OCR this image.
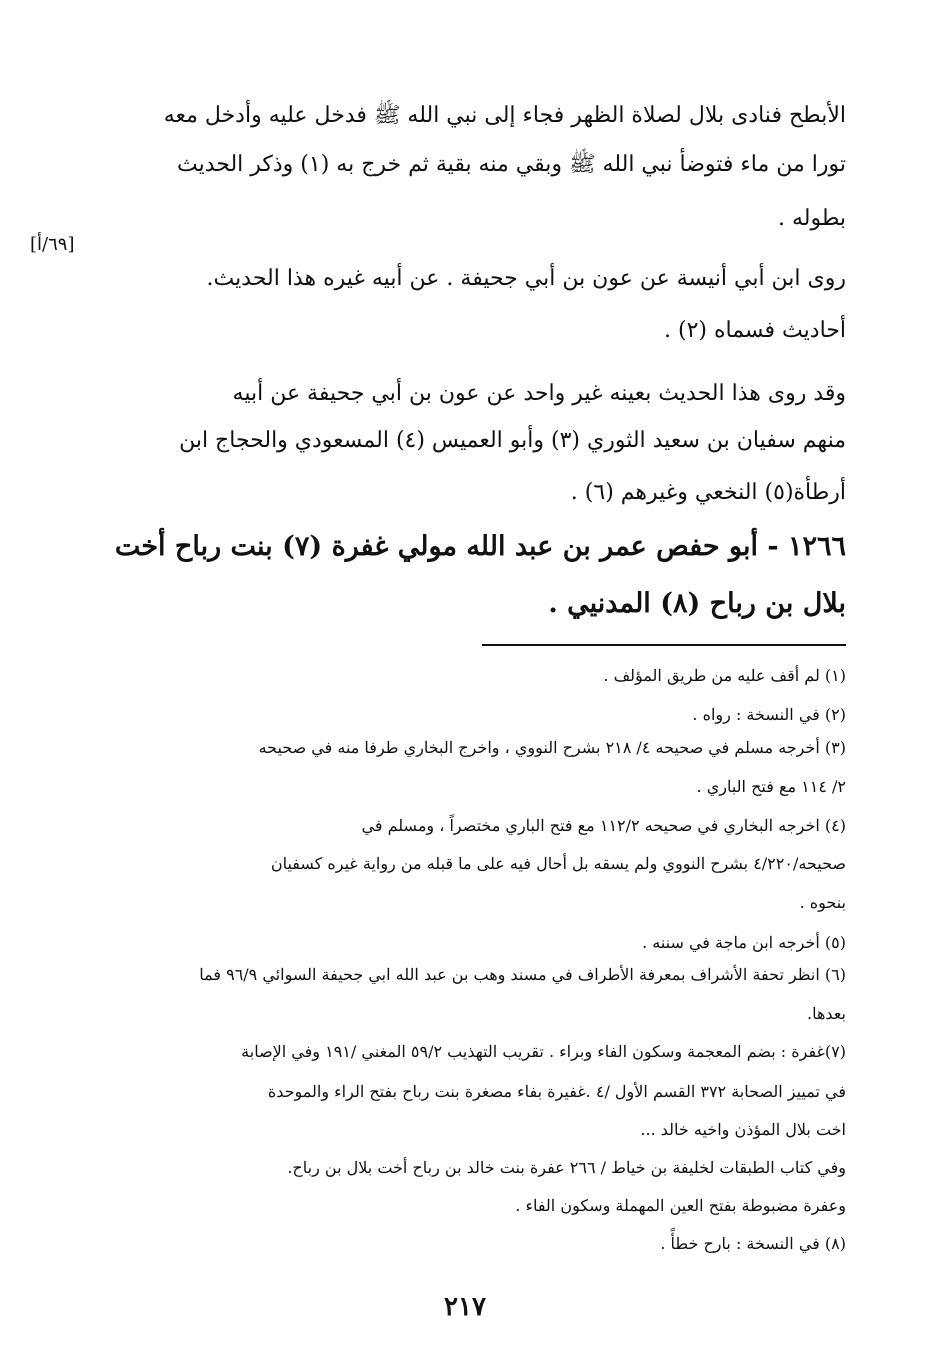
[٦٩/أ]
الأبطح فنادى بلال لصلاة الظهر فجاء إلى نبي الله ﷺ فدخل عليه وأدخل معه
تورا من ماء فتوضأ نبي الله ﷺ وبقي منه بقية ثم خرج به (١) وذكر الحديث
بطوله .
روى ابن أبي أنيسة عن عون بن أبي جحيفة . عن أبيه غيره هذا الحديث.
أحاديث فسماه (٢) .
وقد روى هذا الحديث بعينه غير واحد عن عون بن أبي جحيفة عن أبيه
منهم سفيان بن سعيد الثوري (٣) وأبو العميس (٤) المسعودي والحجاج ابن
أرطأة(٥) النخعي وغيرهم (٦) .
١٢٦٦ - أبو حفص عمر بن عبد الله مولي غفرة (٧) بنت رباح أخت
بلال بن رباح (٨) المدنيي .
(١) لم أقف عليه من طريق المؤلف .
(٢) في النسخة : رواه .
(٣) أخرجه مسلم في صحيحه ٤/ ٢١٨ بشرح النووي ، واخرج البخاري طرفا منه في صحيحه
٢/ ١١٤ مع فتح الباري .
(٤) اخرجه البخاري في صحيحه ١١٢/٢ مع فتح الباري مختصراً ، ومسلم في
صحيحه/٤/٢٢٠ بشرح النووي ولم يسقه بل أحال فيه على ما قبله من رواية غيره كسفيان
بنحوه .
(٥) أخرجه ابن ماجة في سننه .
(٦) انظر تحفة الأشراف بمعرفة الأطراف في مسند وهب بن عبد الله ابي جحيفة السوائي ٩٦/٩ فما
بعدها.
(٧)غفرة : بضم المعجمة وسكون الفاء وبراء . تقريب التهذيب ٥٩/٢ المغني /١٩١ وفي الإصابة
في تمييز الصحابة ٣٧٢ القسم الأول /٤ .غفيرة بفاء مصغرة بنت رباح بفتح الراء والموحدة
اخت بلال المؤذن واخيه خالد ...
وفي كتاب الطبقات لخليفة بن خياط / ٢٦٦ عفرة بنت خالد بن رباح أخت بلال بن رباح.
وعفرة مضبوطة بفتح العين المهملة وسكون الفاء .
(٨) في النسخة : بارح خطأً .
٢١٧
